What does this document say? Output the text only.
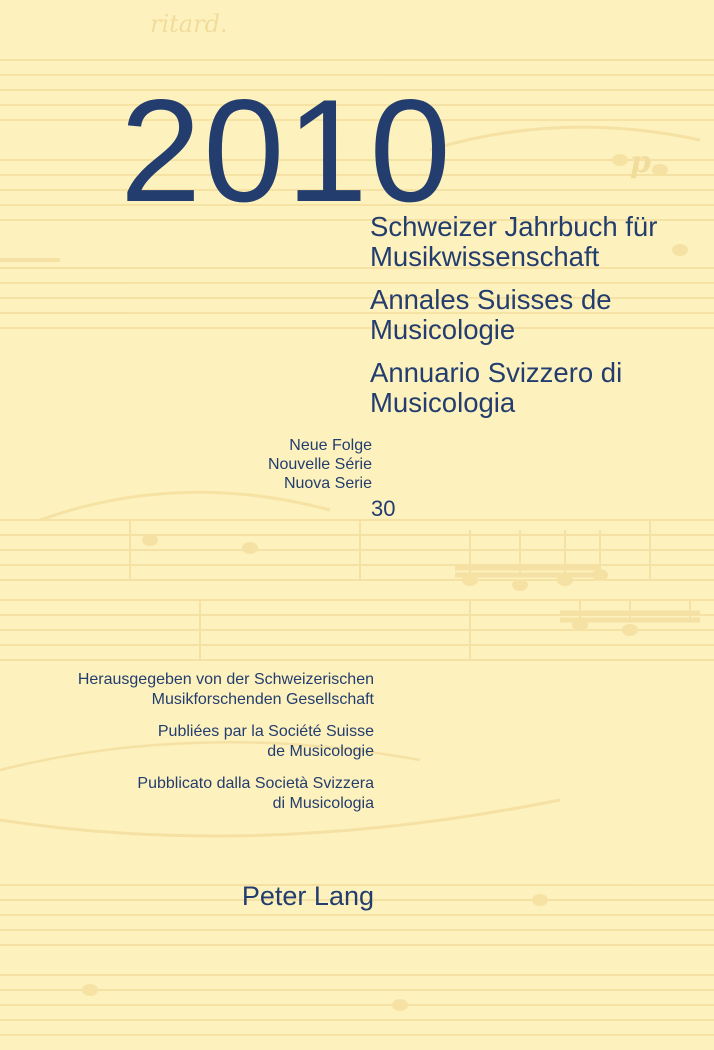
ritard.
p
2010
Schweizer Jahrbuch für
Musikwissenschaft
Annales Suisses de
Musicologie
Annuario Svizzero di
Musicologia
Neue Folge
Nouvelle Série
Nuova Serie
30
Herausgegeben von der Schweizerischen
Musikforschenden Gesellschaft
Publiées par la Société Suisse
de Musicologie
Pubblicato dalla Società Svizzera
di Musicologia
Peter Lang
